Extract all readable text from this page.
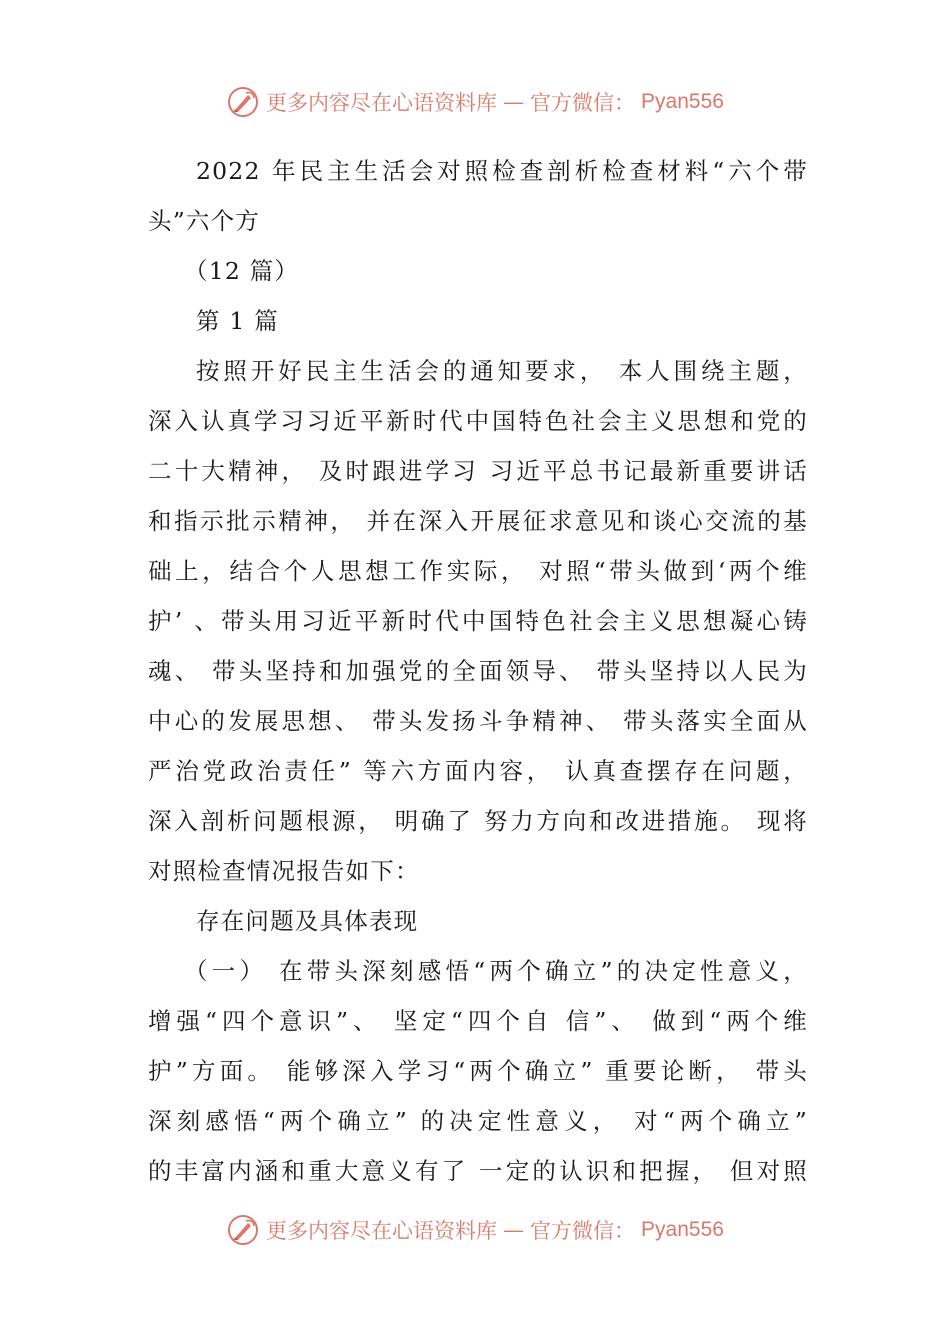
更多内容尽在心语资料库 — 官方微信： Pyan556
2022 年民主生活会对照检查剖析检查材料“六个带
头”六个方
（12 篇）
第 1 篇
按照开好民主生活会的通知要求， 本人围绕主题，
深入认真学习习近平新时代中国特色社会主义思想和党的
二十大精神， 及时跟进学习 习近平总书记最新重要讲话
和指示批示精神， 并在深入开展征求意见和谈心交流的基
础上，结合个人思想工作实际， 对照“带头做到‘两个维
护’ 、带头用习近平新时代中国特色社会主义思想凝心铸
魂、 带头坚持和加强党的全面领导、 带头坚持以人民为
中心的发展思想、 带头发扬斗争精神、 带头落实全面从
严治党政治责任” 等六方面内容， 认真查摆存在问题，
深入剖析问题根源， 明确了 努力方向和改进措施。 现将
对照检查情况报告如下：
存在问题及具体表现
（一） 在带头深刻感悟“两个确立”的决定性意义，
增强“四个意识”、 坚定“四个自 信”、 做到“两个维
护”方面。 能够深入学习“两个确立” 重要论断， 带头
深刻感悟“两个确立” 的决定性意义， 对“两个确立”
的丰富内涵和重大意义有了 一定的认识和把握， 但对照
更多内容尽在心语资料库 — 官方微信： Pyan556
